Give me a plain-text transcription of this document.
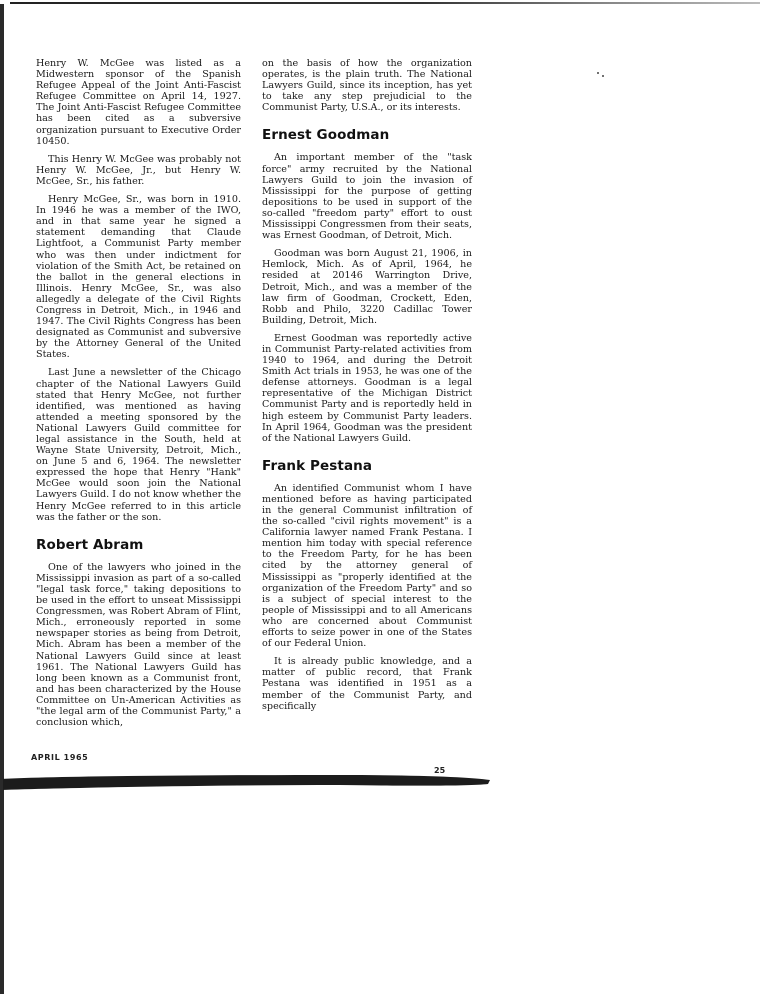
Henry W. McGee was listed as a Midwestern sponsor of the Spanish Refugee Appeal of the Joint Anti-Fascist Refugee Committee on April 14, 1927. The Joint Anti-Fascist Refugee Committee has been cited as a subversive organization pursuant to Executive Order 10450.

This Henry W. McGee was probably not Henry W. McGee, Jr., but Henry W. McGee, Sr., his father.

Henry McGee, Sr., was born in 1910. In 1946 he was a member of the IWO, and in that same year he signed a statement demanding that Claude Lightfoot, a Communist Party member who was then under indictment for violation of the Smith Act, be retained on the ballot in the general elections in Illinois. Henry McGee, Sr., was also allegedly a delegate of the Civil Rights Congress in Detroit, Mich., in 1946 and 1947. The Civil Rights Congress has been designated as Communist and subversive by the Attorney General of the United States.

Last June a newsletter of the Chicago chapter of the National Lawyers Guild stated that Henry McGee, not further identified, was mentioned as having attended a meeting sponsored by the National Lawyers Guild committee for legal assistance in the South, held at Wayne State University, Detroit, Mich., on June 5 and 6, 1964. The newsletter expressed the hope that Henry "Hank" McGee would soon join the National Lawyers Guild. I do not know whether the Henry McGee referred to in this article was the father or the son.

Robert Abram

One of the lawyers who joined in the Mississippi invasion as part of a so-called "legal task force," taking depositions to be used in the effort to unseat Mississippi Congressmen, was Robert Abram of Flint, Mich., erroneously reported in some newspaper stories as being from Detroit, Mich. Abram has been a member of the National Lawyers Guild since at least 1961. The National Lawyers Guild has long been known as a Communist front, and has been characterized by the House Committee on Un-American Activities as "the legal arm of the Communist Party," a conclusion which,

on the basis of how the organization operates, is the plain truth. The National Lawyers Guild, since its inception, has yet to take any step prejudicial to the Communist Party, U.S.A., or its interests.

Ernest Goodman

An important member of the "task force" army recruited by the National Lawyers Guild to join the invasion of Mississippi for the purpose of getting depositions to be used in support of the so-called "freedom party" effort to oust Mississippi Congressmen from their seats, was Ernest Goodman, of Detroit, Mich.

Goodman was born August 21, 1906, in Hemlock, Mich. As of April, 1964, he resided at 20146 Warrington Drive, Detroit, Mich., and was a member of the law firm of Goodman, Crockett, Eden, Robb and Philo, 3220 Cadillac Tower Building, Detroit, Mich.

Ernest Goodman was reportedly active in Communist Party-related activities from 1940 to 1964, and during the Detroit Smith Act trials in 1953, he was one of the defense attorneys. Goodman is a legal representative of the Michigan District Communist Party and is reportedly held in high esteem by Communist Party leaders. In April 1964, Goodman was the president of the National Lawyers Guild.

Frank Pestana

An identified Communist whom I have mentioned before as having participated in the general Communist infiltration of the so-called "civil rights movement" is a California lawyer named Frank Pestana. I mention him today with special reference to the Freedom Party, for he has been cited by the attorney general of Mississippi as "properly identified at the organization of the Freedom Party" and so is a subject of special interest to the people of Mississippi and to all Americans who are concerned about Communist efforts to seize power in one of the States of our Federal Union.

It is already public knowledge, and a matter of public record, that Frank Pestana was identified in 1951 as a member of the Communist Party, and specifically

APRIL 1965
25
